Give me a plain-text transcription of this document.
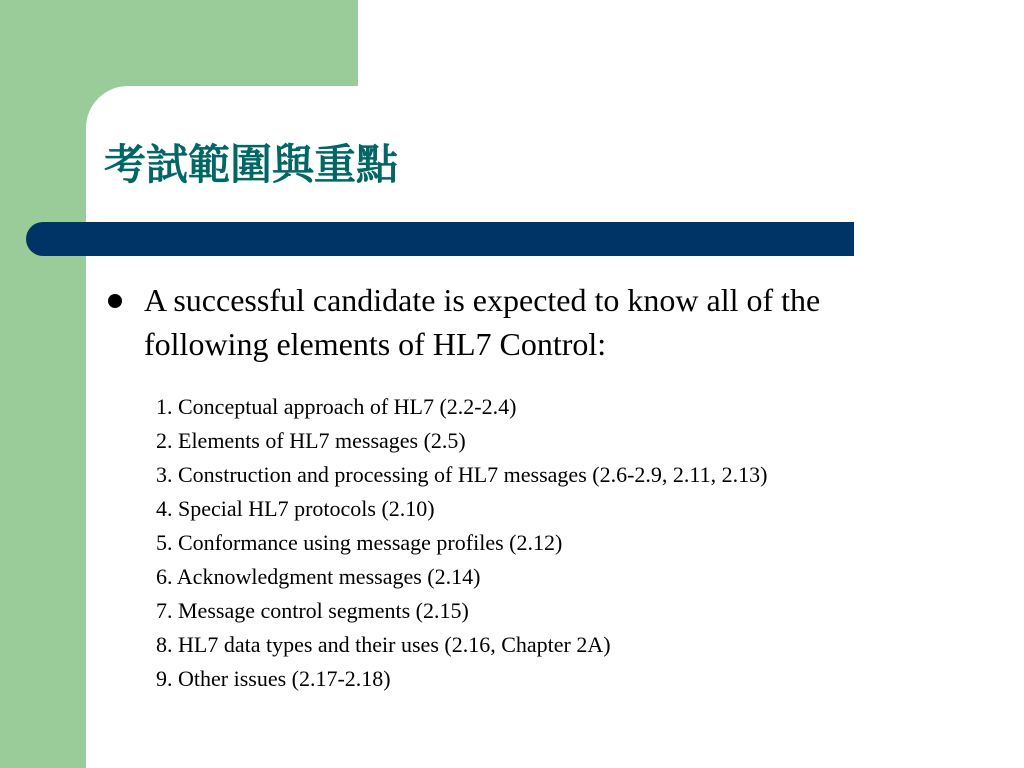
考試範圍與重點
A successful candidate is expected to know all of the following elements of HL7 Control:
1. Conceptual approach of HL7 (2.2-2.4)
2. Elements of HL7 messages (2.5)
3. Construction and processing of HL7 messages (2.6-2.9, 2.11, 2.13)
4. Special HL7 protocols (2.10)
5. Conformance using message profiles (2.12)
6. Acknowledgment messages (2.14)
7. Message control segments (2.15)
8. HL7 data types and their uses (2.16, Chapter 2A)
9. Other issues (2.17-2.18)
